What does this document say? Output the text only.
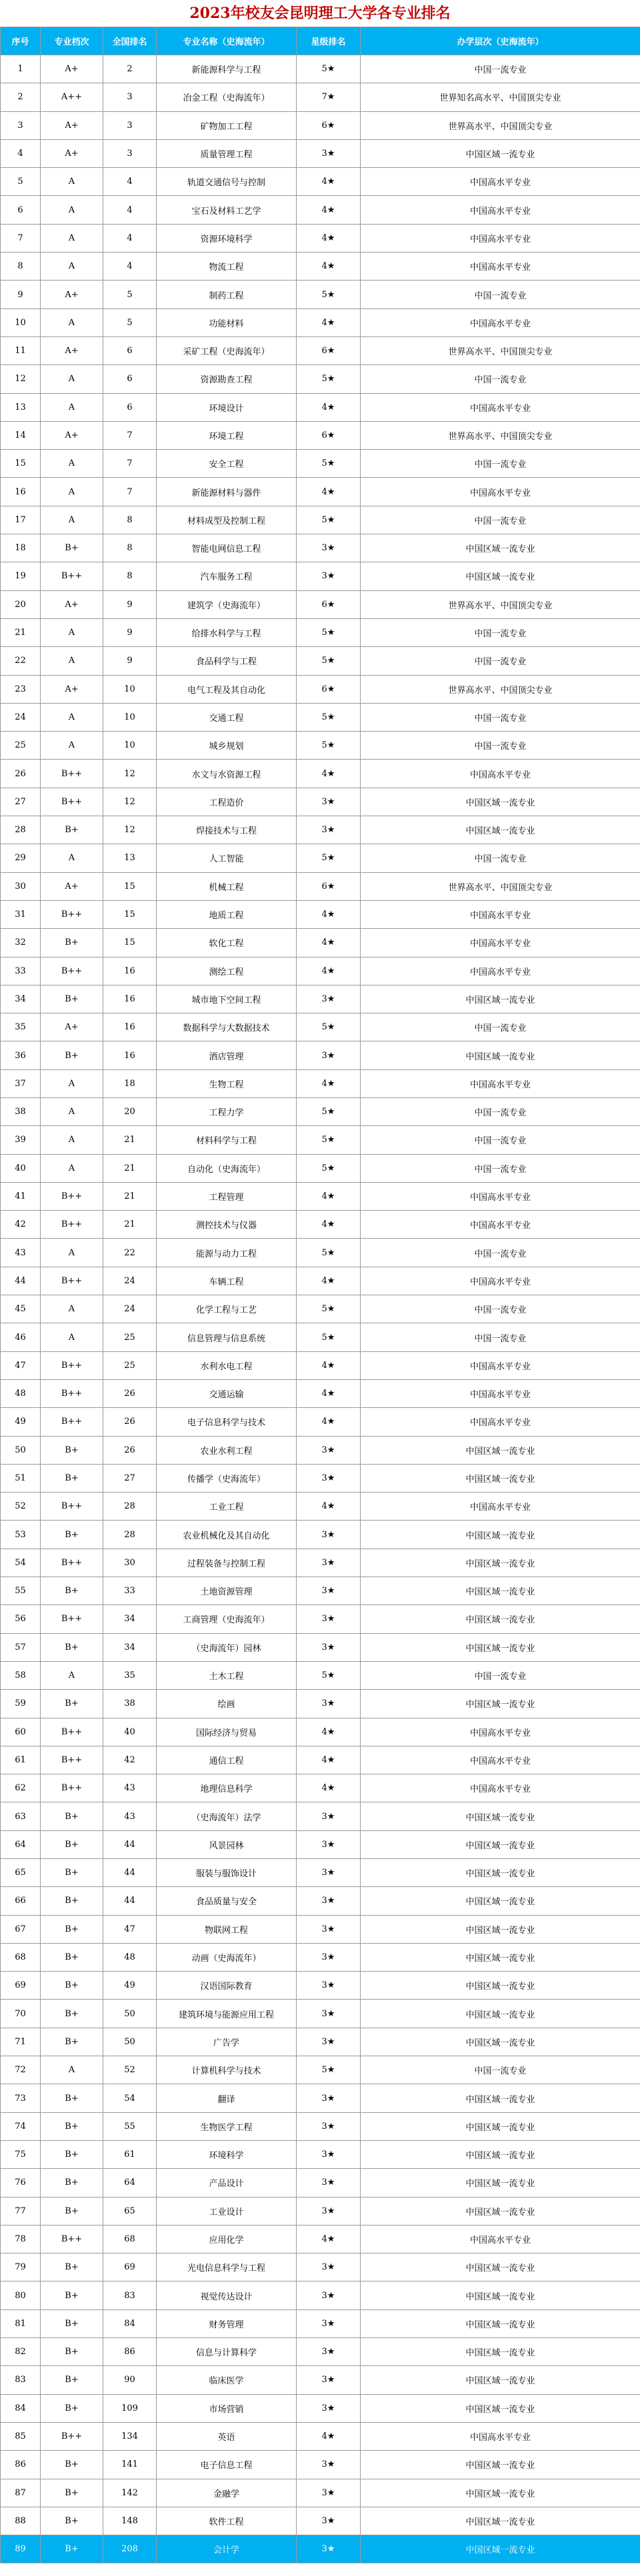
2023年校友会昆明理工大学各专业排名
序号	专业档次	全国排名	专业名称（史海流年）	星级排名	办学层次（史海流年）
1	A+	2	新能源科学与工程	5★	中国一流专业
2	A++	3	冶金工程（史海流年）	7★	世界知名高水平、中国顶尖专业
3	A+	3	矿物加工工程	6★	世界高水平、中国顶尖专业
4	A+	3	质量管理工程	3★	中国区域一流专业
5	A	4	轨道交通信号与控制	4★	中国高水平专业
6	A	4	宝石及材料工艺学	4★	中国高水平专业
7	A	4	资源环境科学	4★	中国高水平专业
8	A	4	物流工程	4★	中国高水平专业
9	A+	5	制药工程	5★	中国一流专业
10	A	5	功能材料	4★	中国高水平专业
11	A+	6	采矿工程（史海流年）	6★	世界高水平、中国顶尖专业
12	A	6	资源勘查工程	5★	中国一流专业
13	A	6	环境设计	4★	中国高水平专业
14	A+	7	环境工程	6★	世界高水平、中国顶尖专业
15	A	7	安全工程	5★	中国一流专业
16	A	7	新能源材料与器件	4★	中国高水平专业
17	A	8	材料成型及控制工程	5★	中国一流专业
18	B+	8	智能电网信息工程	3★	中国区域一流专业
19	B++	8	汽车服务工程	3★	中国区域一流专业
20	A+	9	建筑学（史海流年）	6★	世界高水平、中国顶尖专业
21	A	9	给排水科学与工程	5★	中国一流专业
22	A	9	食品科学与工程	5★	中国一流专业
23	A+	10	电气工程及其自动化	6★	世界高水平、中国顶尖专业
24	A	10	交通工程	5★	中国一流专业
25	A	10	城乡规划	5★	中国一流专业
26	B++	12	水文与水资源工程	4★	中国高水平专业
27	B++	12	工程造价	3★	中国区域一流专业
28	B+	12	焊接技术与工程	3★	中国区域一流专业
29	A	13	人工智能	5★	中国一流专业
30	A+	15	机械工程	6★	世界高水平、中国顶尖专业
31	B++	15	地质工程	4★	中国高水平专业
32	B+	15	软化工程	4★	中国高水平专业
33	B++	16	测绘工程	4★	中国高水平专业
34	B+	16	城市地下空间工程	3★	中国区域一流专业
35	A+	16	数据科学与大数据技术	5★	中国一流专业
36	B+	16	酒店管理	3★	中国区域一流专业
37	A	18	生物工程	4★	中国高水平专业
38	A	20	工程力学	5★	中国一流专业
39	A	21	材料科学与工程	5★	中国一流专业
40	A	21	自动化（史海流年）	5★	中国一流专业
41	B++	21	工程管理	4★	中国高水平专业
42	B++	21	测控技术与仪器	4★	中国高水平专业
43	A	22	能源与动力工程	5★	中国一流专业
44	B++	24	车辆工程	4★	中国高水平专业
45	A	24	化学工程与工艺	5★	中国一流专业
46	A	25	信息管理与信息系统	5★	中国一流专业
47	B++	25	水利水电工程	4★	中国高水平专业
48	B++	26	交通运输	4★	中国高水平专业
49	B++	26	电子信息科学与技术	4★	中国高水平专业
50	B+	26	农业水利工程	3★	中国区域一流专业
51	B+	27	传播学（史海流年）	3★	中国区域一流专业
52	B++	28	工业工程	4★	中国高水平专业
53	B+	28	农业机械化及其自动化	3★	中国区域一流专业
54	B++	30	过程装备与控制工程	3★	中国区域一流专业
55	B+	33	土地资源管理	3★	中国区域一流专业
56	B++	34	工商管理（史海流年）	3★	中国区域一流专业
57	B+	34	（史海流年）园林	3★	中国区域一流专业
58	A	35	土木工程	5★	中国一流专业
59	B+	38	绘画	3★	中国区域一流专业
60	B++	40	国际经济与贸易	4★	中国高水平专业
61	B++	42	通信工程	4★	中国高水平专业
62	B++	43	地理信息科学	4★	中国高水平专业
63	B+	43	（史海流年）法学	3★	中国区域一流专业
64	B+	44	风景园林	3★	中国区域一流专业
65	B+	44	服装与服饰设计	3★	中国区域一流专业
66	B+	44	食品质量与安全	3★	中国区域一流专业
67	B+	47	物联网工程	3★	中国区域一流专业
68	B+	48	动画（史海流年）	3★	中国区域一流专业
69	B+	49	汉语国际教育	3★	中国区域一流专业
70	B+	50	建筑环境与能源应用工程	3★	中国区域一流专业
71	B+	50	广告学	3★	中国区域一流专业
72	A	52	计算机科学与技术	5★	中国一流专业
73	B+	54	翻译	3★	中国区域一流专业
74	B+	55	生物医学工程	3★	中国区域一流专业
75	B+	61	环境科学	3★	中国区域一流专业
76	B+	64	产品设计	3★	中国区域一流专业
77	B+	65	工业设计	3★	中国区域一流专业
78	B++	68	应用化学	4★	中国高水平专业
79	B+	69	光电信息科学与工程	3★	中国区域一流专业
80	B+	83	视觉传达设计	3★	中国区域一流专业
81	B+	84	财务管理	3★	中国区域一流专业
82	B+	86	信息与计算科学	3★	中国区域一流专业
83	B+	90	临床医学	3★	中国区域一流专业
84	B+	109	市场营销	3★	中国区域一流专业
85	B++	134	英语	4★	中国高水平专业
86	B+	141	电子信息工程	3★	中国区域一流专业
87	B+	142	金融学	3★	中国区域一流专业
88	B+	148	软件工程	3★	中国区域一流专业
89	B+	208	会计学	3★	中国区域一流专业
